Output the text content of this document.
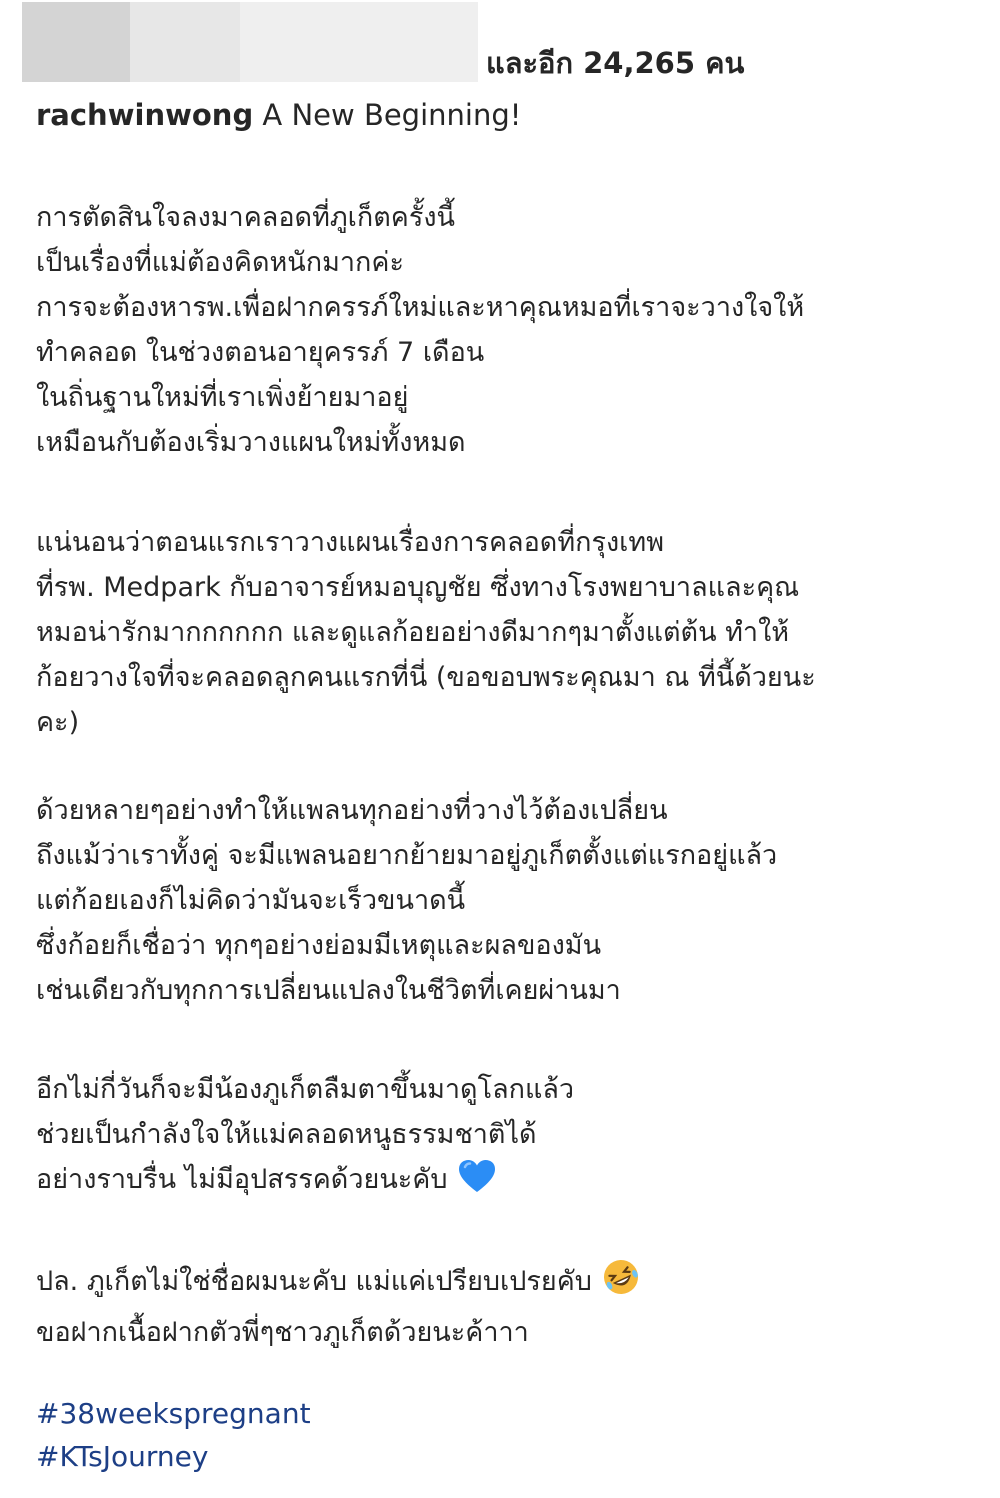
และอีก 24,265 คน
rachwinwong A New Beginning!

การตัดสินใจลงมาคลอดที่ภูเก็ตครั้งนี้
เป็นเรื่องที่แม่ต้องคิดหนักมากค่ะ
การจะต้องหารพ.เพื่อฝากครรภ์ใหม่และหาคุณหมอที่เราจะวางใจให้
ทำคลอด ในช่วงตอนอายุครรภ์ 7 เดือน
ในถิ่นฐานใหม่ที่เราเพิ่งย้ายมาอยู่
เหมือนกับต้องเริ่มวางแผนใหม่ทั้งหมด

แน่นอนว่าตอนแรกเราวางแผนเรื่องการคลอดที่กรุงเทพ
ที่รพ. Medpark กับอาจารย์หมอบุญชัย ซึ่งทางโรงพยาบาลและคุณ
หมอน่ารักมากกกกกก และดูแลก้อยอย่างดีมากๆมาตั้งแต่ต้น ทำให้
ก้อยวางใจที่จะคลอดลูกคนแรกที่นี่ (ขอขอบพระคุณมา ณ ที่นี้ด้วยนะ
คะ)

ด้วยหลายๆอย่างทำให้แพลนทุกอย่างที่วางไว้ต้องเปลี่ยน
ถึงแม้ว่าเราทั้งคู่ จะมีแพลนอยากย้ายมาอยู่ภูเก็ตตั้งแต่แรกอยู่แล้ว
แต่ก้อยเองก็ไม่คิดว่ามันจะเร็วขนาดนี้
ซึ่งก้อยก็เชื่อว่า ทุกๆอย่างย่อมมีเหตุและผลของมัน
เช่นเดียวกับทุกการเปลี่ยนแปลงในชีวิตที่เคยผ่านมา

อีกไม่กี่วันก็จะมีน้องภูเก็ตลืมตาขึ้นมาดูโลกแล้ว
ช่วยเป็นกำลังใจให้แม่คลอดหนูธรรมชาติได้
อย่างราบรื่น ไม่มีอุปสรรคด้วยนะคับ

ปล. ภูเก็ตไม่ใช่ชื่อผมนะคับ แม่แค่เปรียบเปรยคับ
ขอฝากเนื้อฝากตัวพี่ๆชาวภูเก็ตด้วยนะค้าาา

#38weekspregnant
#KTsJourney
